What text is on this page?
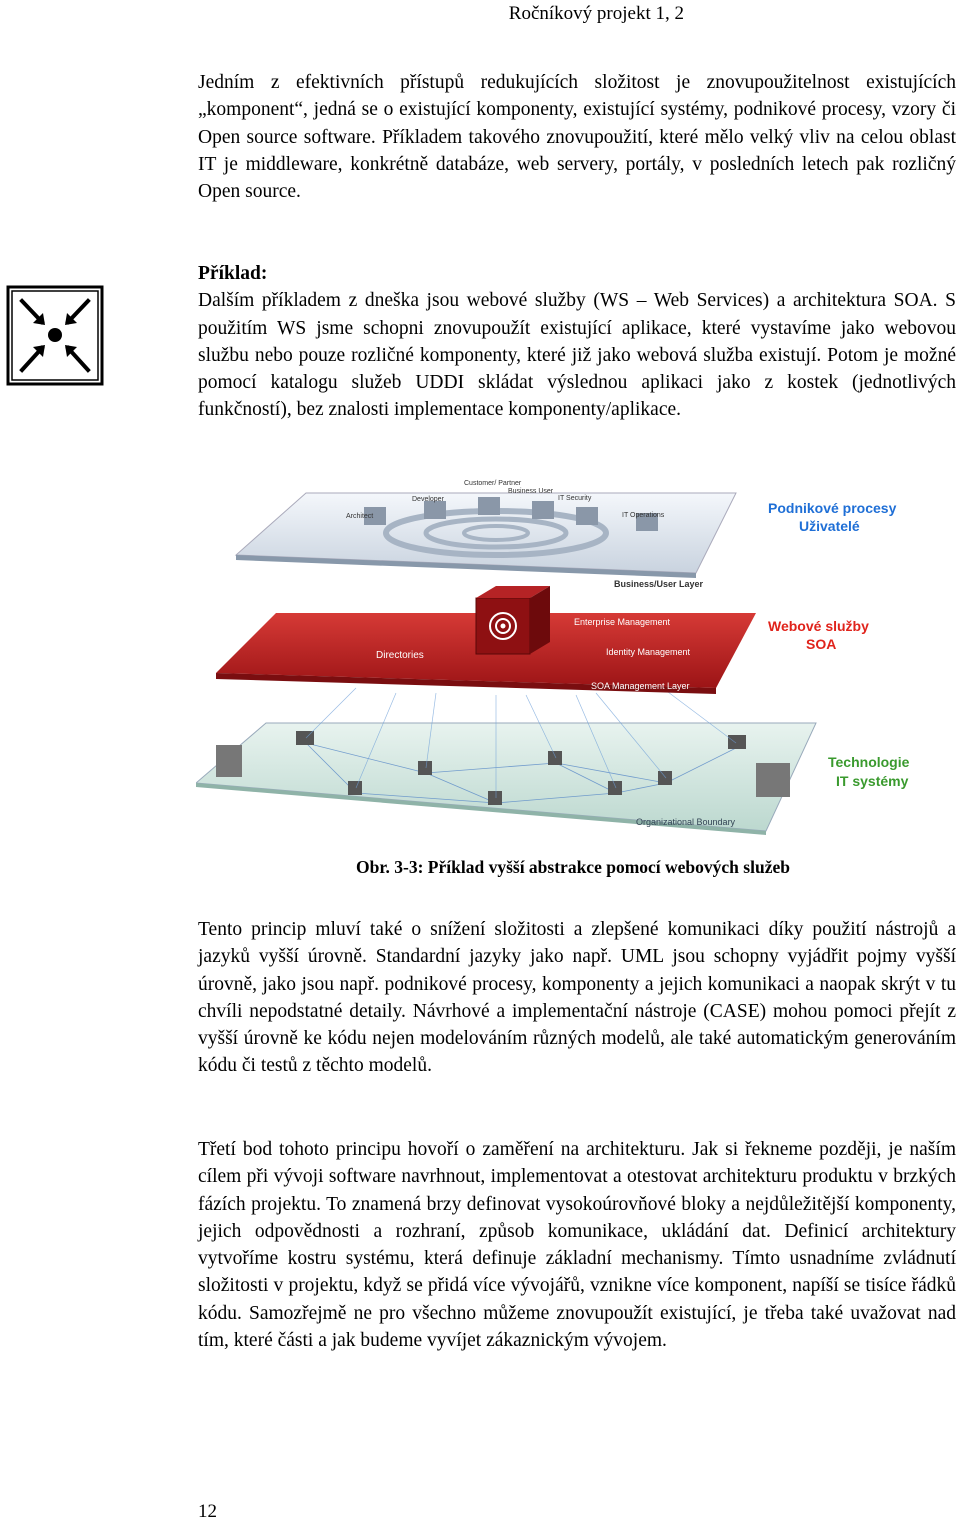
Ročníkový projekt 1, 2

Jedním z efektivních přístupů redukujících složitost je znovupoužitelnost existujících „komponent“, jedná se o existující komponenty, existující systémy, podnikové procesy, vzory či Open source software. Příkladem takového znovupoužití, které mělo velký vliv na celou oblast IT je middleware, konkrétně databáze, web servery, portály, v posledních letech pak rozličný Open source.

Příklad:

Dalším příkladem z dneška jsou webové služby (WS – Web Services) a architektura SOA. S použitím WS jsme schopni znovupoužít existující aplikace, které vystavíme jako webovou službu nebo pouze rozličné komponenty, které již jako webová služba existují. Potom je možné pomocí katalogu služeb UDDI skládat výslednou aplikaci jako z kostek (jednotlivých funkčností), bez znalosti implementace komponenty/aplikace.

Organizational Boundary
Directories
Enterprise Management
Identity Management
SOA Management Layer
Architect
Developer
Customer/ Partner
Business User
IT Security
IT Operations
Business/User Layer
Podnikové procesy
Uživatelé
Webové služby
SOA
Technologie
IT systémy
Obr. 3-3: Příklad vyšší abstrakce pomocí webových služeb

Tento princip mluví také o snížení složitosti a zlepšené komunikaci díky použití nástrojů a jazyků vyšší úrovně. Standardní jazyky jako např. UML jsou schopny vyjádřit pojmy vyšší úrovně, jako jsou např. podnikové procesy, komponenty a jejich komunikaci a naopak skrýt v tu chvíli nepodstatné detaily. Návrhové a implementační nástroje (CASE) mohou pomoci přejít z vyšší úrovně ke kódu nejen modelováním různých modelů, ale také automatickým generováním kódu či testů z těchto modelů.

Třetí bod tohoto principu hovoří o zaměření na architekturu. Jak si řekneme později, je naším cílem při vývoji software navrhnout, implementovat a otestovat architekturu produktu v brzkých fázích projektu. To znamená brzy definovat vysokoúrovňové bloky a nejdůležitější komponenty, jejich odpovědnosti a rozhraní, způsob komunikace, ukládání dat. Definicí architektury vytvoříme kostru systému, která definuje základní mechanismy. Tímto usnadníme zvládnutí složitosti v projektu, když se přidá více vývojářů, vznikne více komponent, napíší se tisíce řádků kódu. Samozřejmě ne pro všechno můžeme znovupoužít existující, je třeba také uvažovat nad tím, které části a jak budeme vyvíjet zákaznickým vývojem.

12
